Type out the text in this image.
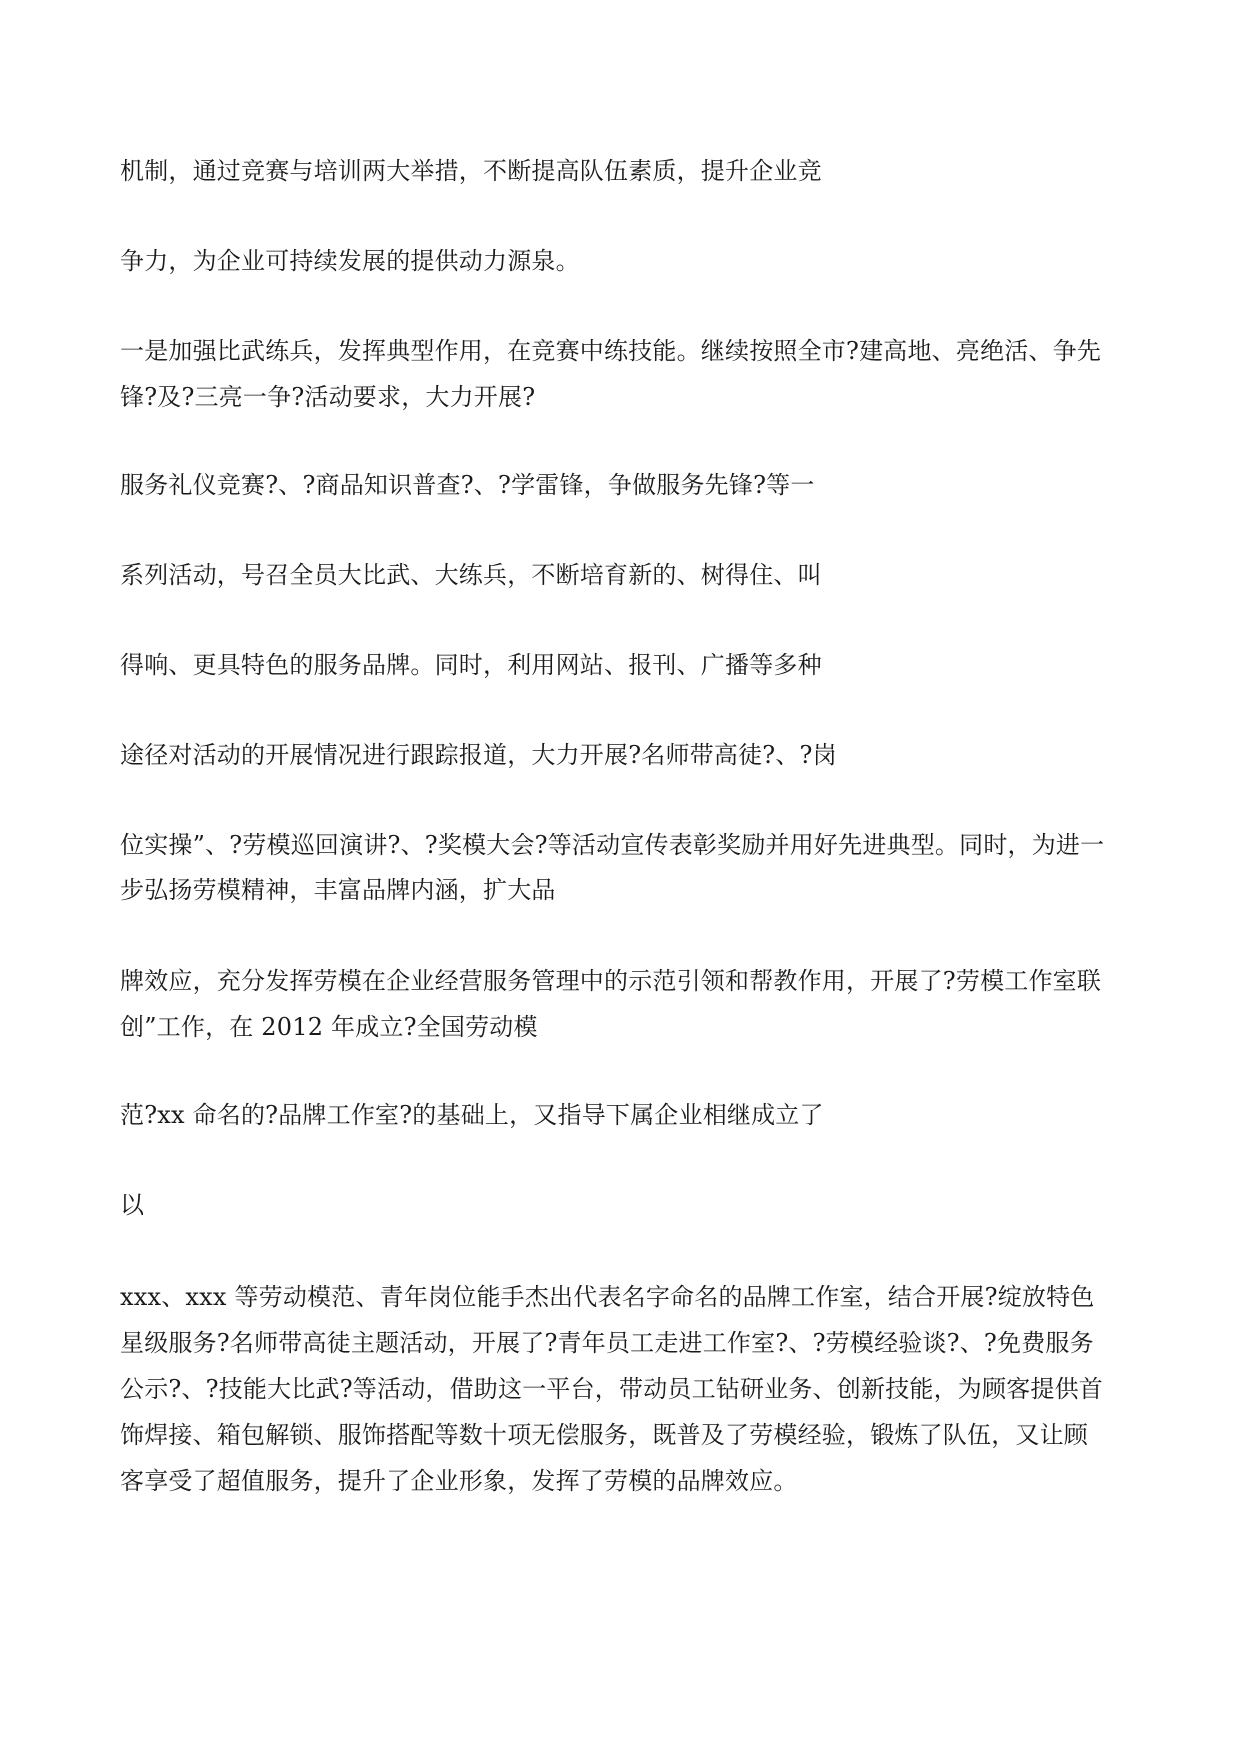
机制，通过竞赛与培训两大举措，不断提高队伍素质，提升企业竞

争力，为企业可持续发展的提供动力源泉。

一是加强比武练兵，发挥典型作用，在竞赛中练技能。继续按照全市?建高地、亮绝活、争先

锋?及?三亮一争?活动要求，大力开展?

服务礼仪竞赛?、?商品知识普查?、?学雷锋，争做服务先锋?等一

系列活动，号召全员大比武、大练兵，不断培育新的、树得住、叫

得响、更具特色的服务品牌。同时，利用网站、报刊、广播等多种

途径对活动的开展情况进行跟踪报道，大力开展?名师带高徒?、?岗

位实操”、?劳模巡回演讲?、?奖模大会?等活动宣传表彰奖励并用好先进典型。同时，为进一

步弘扬劳模精神，丰富品牌内涵，扩大品

牌效应，充分发挥劳模在企业经营服务管理中的示范引领和帮教作用，开展了?劳模工作室联

创”工作，在 2012 年成立?全国劳动模

范?xx 命名的?品牌工作室?的基础上，又指导下属企业相继成立了

以

xxx、xxx 等劳动模范、青年岗位能手杰出代表名字命名的品牌工作室，结合开展?绽放特色

星级服务?名师带高徒主题活动，开展了?青年员工走进工作室?、?劳模经验谈?、?免费服务

公示?、?技能大比武?等活动，借助这一平台，带动员工钻研业务、创新技能，为顾客提供首

饰焊接、箱包解锁、服饰搭配等数十项无偿服务，既普及了劳模经验，锻炼了队伍，又让顾

客享受了超值服务，提升了企业形象，发挥了劳模的品牌效应。
